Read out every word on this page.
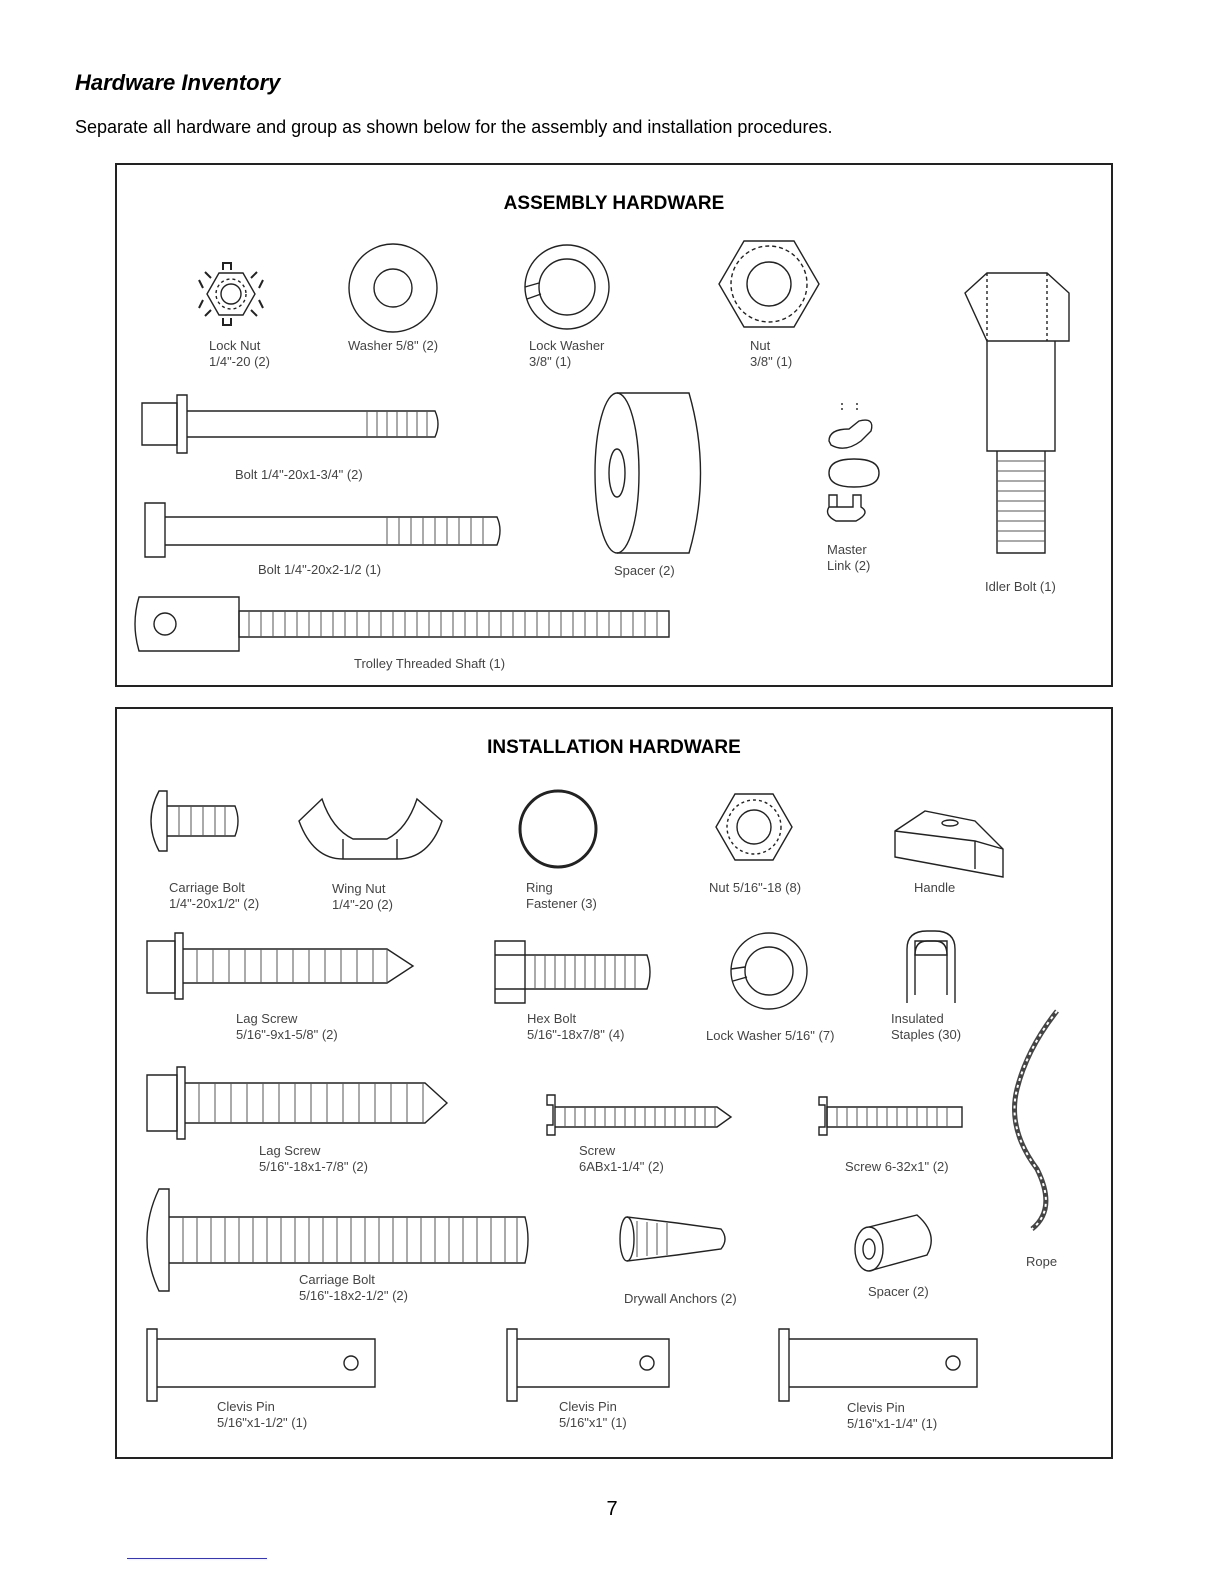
Hardware Inventory
Separate all hardware and group as shown below for the assembly and installation procedures.
ASSEMBLY HARDWARE
Lock Nut
1/4"-20 (2)
Washer 5/8" (2)	Lock Washer
3/8" (1)
Nut
3/8" (1)
Bolt 1/4"-20x1-3/4" (2)
Bolt 1/4"-20x2-1/2 (1)	Spacer (2)
Master
Link (2)
Idler Bolt (1)
Trolley Threaded Shaft (1)
INSTALLATION HARDWARE
Carriage Bolt
1/4"-20x1/2" (2)
Wing Nut
1/4"-20 (2)
Ring
Fastener (3)
Nut 5/16"-18 (8)	Handle
Lag Screw
5/16"-9x1-5/8" (2)
Hex Bolt
5/16"-18x7/8" (4)	Lock Washer 5/16" (7)
Insulated
Staples (30)
Lag Screw
5/16"-18x1-7/8" (2)
Screw
6ABx1-1/4" (2)	Screw 6-32x1" (2)
Rope
Carriage Bolt
5/16"-18x2-1/2" (2)	Drywall Anchors (2)	Spacer (2)
Clevis Pin
5/16"x1-1/2" (1)
Clevis Pin
5/16"x1" (1)
Clevis Pin
5/16"x1-1/4" (1)
7
